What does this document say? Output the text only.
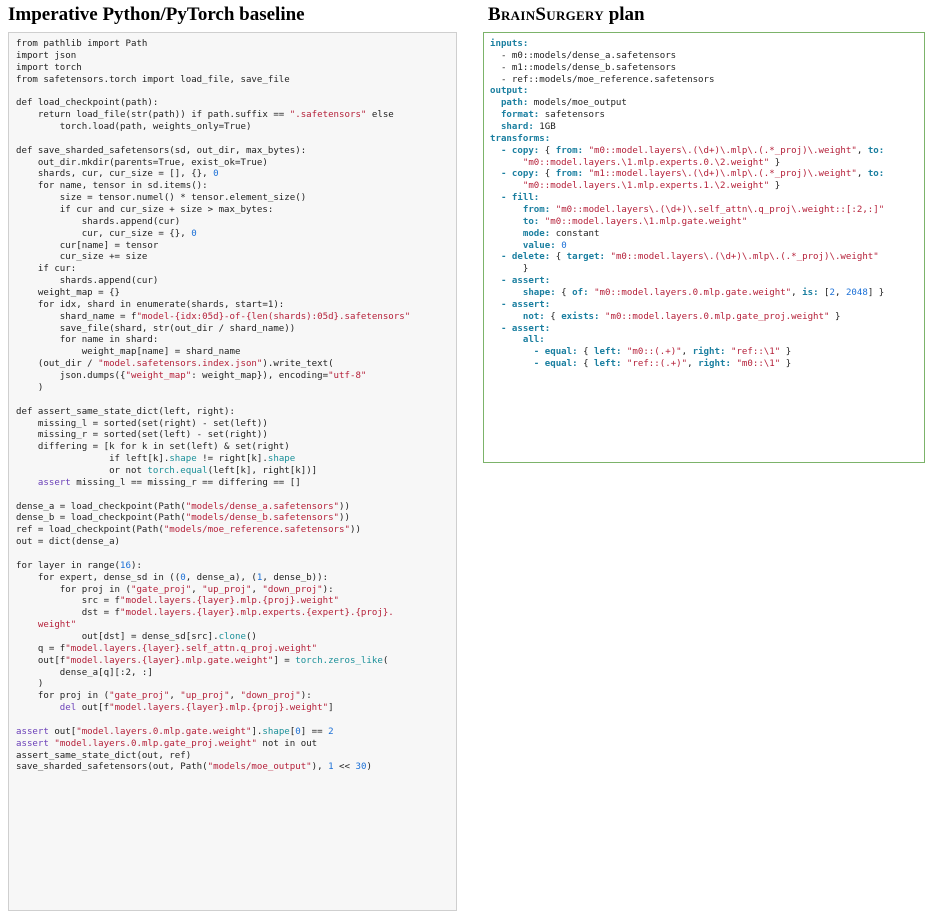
Imperative Python/PyTorch baseline	BrainSurgery plan
from pathlib import Path
import json
import torch
from safetensors.torch import load_file, save_file
def load_checkpoint(path):
return load_file(str(path)) if path.suffix == ".safetensors" else
torch.load(path, weights_only=True)
def save_sharded_safetensors(sd, out_dir, max_bytes):
out_dir.mkdir(parents=True, exist_ok=True)
shards, cur, cur_size = [], {}, 0
for name, tensor in sd.items():
size = tensor.numel() * tensor.element_size()
if cur and cur_size + size > max_bytes:
shards.append(cur)
cur, cur_size = {}, 0
cur[name] = tensor
cur_size += size
if cur:
shards.append(cur)
weight_map = {}
for idx, shard in enumerate(shards, start=1):
shard_name = f"model-{idx:05d}-of-{len(shards):05d}.safetensors"
save_file(shard, str(out_dir / shard_name))
for name in shard:
weight_map[name] = shard_name
(out_dir / "model.safetensors.index.json").write_text(
json.dumps({"weight_map": weight_map}), encoding="utf-8"
)
def assert_same_state_dict(left, right):
missing_l = sorted(set(right) - set(left))
missing_r = sorted(set(left) - set(right))
differing = [k for k in set(left) & set(right)
if left[k].shape != right[k].shape
or not torch.equal(left[k], right[k])]
assert missing_l == missing_r == differing == []
dense_a = load_checkpoint(Path("models/dense_a.safetensors"))
dense_b = load_checkpoint(Path("models/dense_b.safetensors"))
ref = load_checkpoint(Path("models/moe_reference.safetensors"))
out = dict(dense_a)
for layer in range(16):
for expert, dense_sd in ((0, dense_a), (1, dense_b)):
for proj in ("gate_proj", "up_proj", "down_proj"):
src = f"model.layers.{layer}.mlp.{proj}.weight"
dst = f"model.layers.{layer}.mlp.experts.{expert}.{proj}.
weight"
out[dst] = dense_sd[src].clone()
q = f"model.layers.{layer}.self_attn.q_proj.weight"
out[f"model.layers.{layer}.mlp.gate.weight"] = torch.zeros_like(
dense_a[q][:2, :]
)
for proj in ("gate_proj", "up_proj", "down_proj"):
del out[f"model.layers.{layer}.mlp.{proj}.weight"]
assert out["model.layers.0.mlp.gate.weight"].shape[0] == 2
assert "model.layers.0.mlp.gate_proj.weight" not in out
assert_same_state_dict(out, ref)
save_sharded_safetensors(out, Path("models/moe_output"), 1 << 30)
inputs:
- m0::models/dense_a.safetensors
- m1::models/dense_b.safetensors
- ref::models/moe_reference.safetensors
output:
path: models/moe_output
format: safetensors
shard: 1GB
transforms:
- copy: { from: "m0::model.layers\.(\d+)\.mlp\.(.*_proj)\.weight", to:
"m0::model.layers.\1.mlp.experts.0.\2.weight" }
- copy: { from: "m1::model.layers\.(\d+)\.mlp\.(.*_proj)\.weight", to:
"m0::model.layers.\1.mlp.experts.1.\2.weight" }
- fill:
from: "m0::model.layers\.(\d+)\.self_attn\.q_proj\.weight::[:2,:]"
to: "m0::model.layers.\1.mlp.gate.weight"
mode: constant
value: 0
- delete: { target: "m0::model.layers\.(\d+)\.mlp\.(.*_proj)\.weight"
}
- assert:
shape: { of: "m0::model.layers.0.mlp.gate.weight", is: [2, 2048] }
- assert:
not: { exists: "m0::model.layers.0.mlp.gate_proj.weight" }
- assert:
all:
- equal: { left: "m0::(.+)", right: "ref::\1" }
- equal: { left: "ref::(.+)", right: "m0::\1" }
